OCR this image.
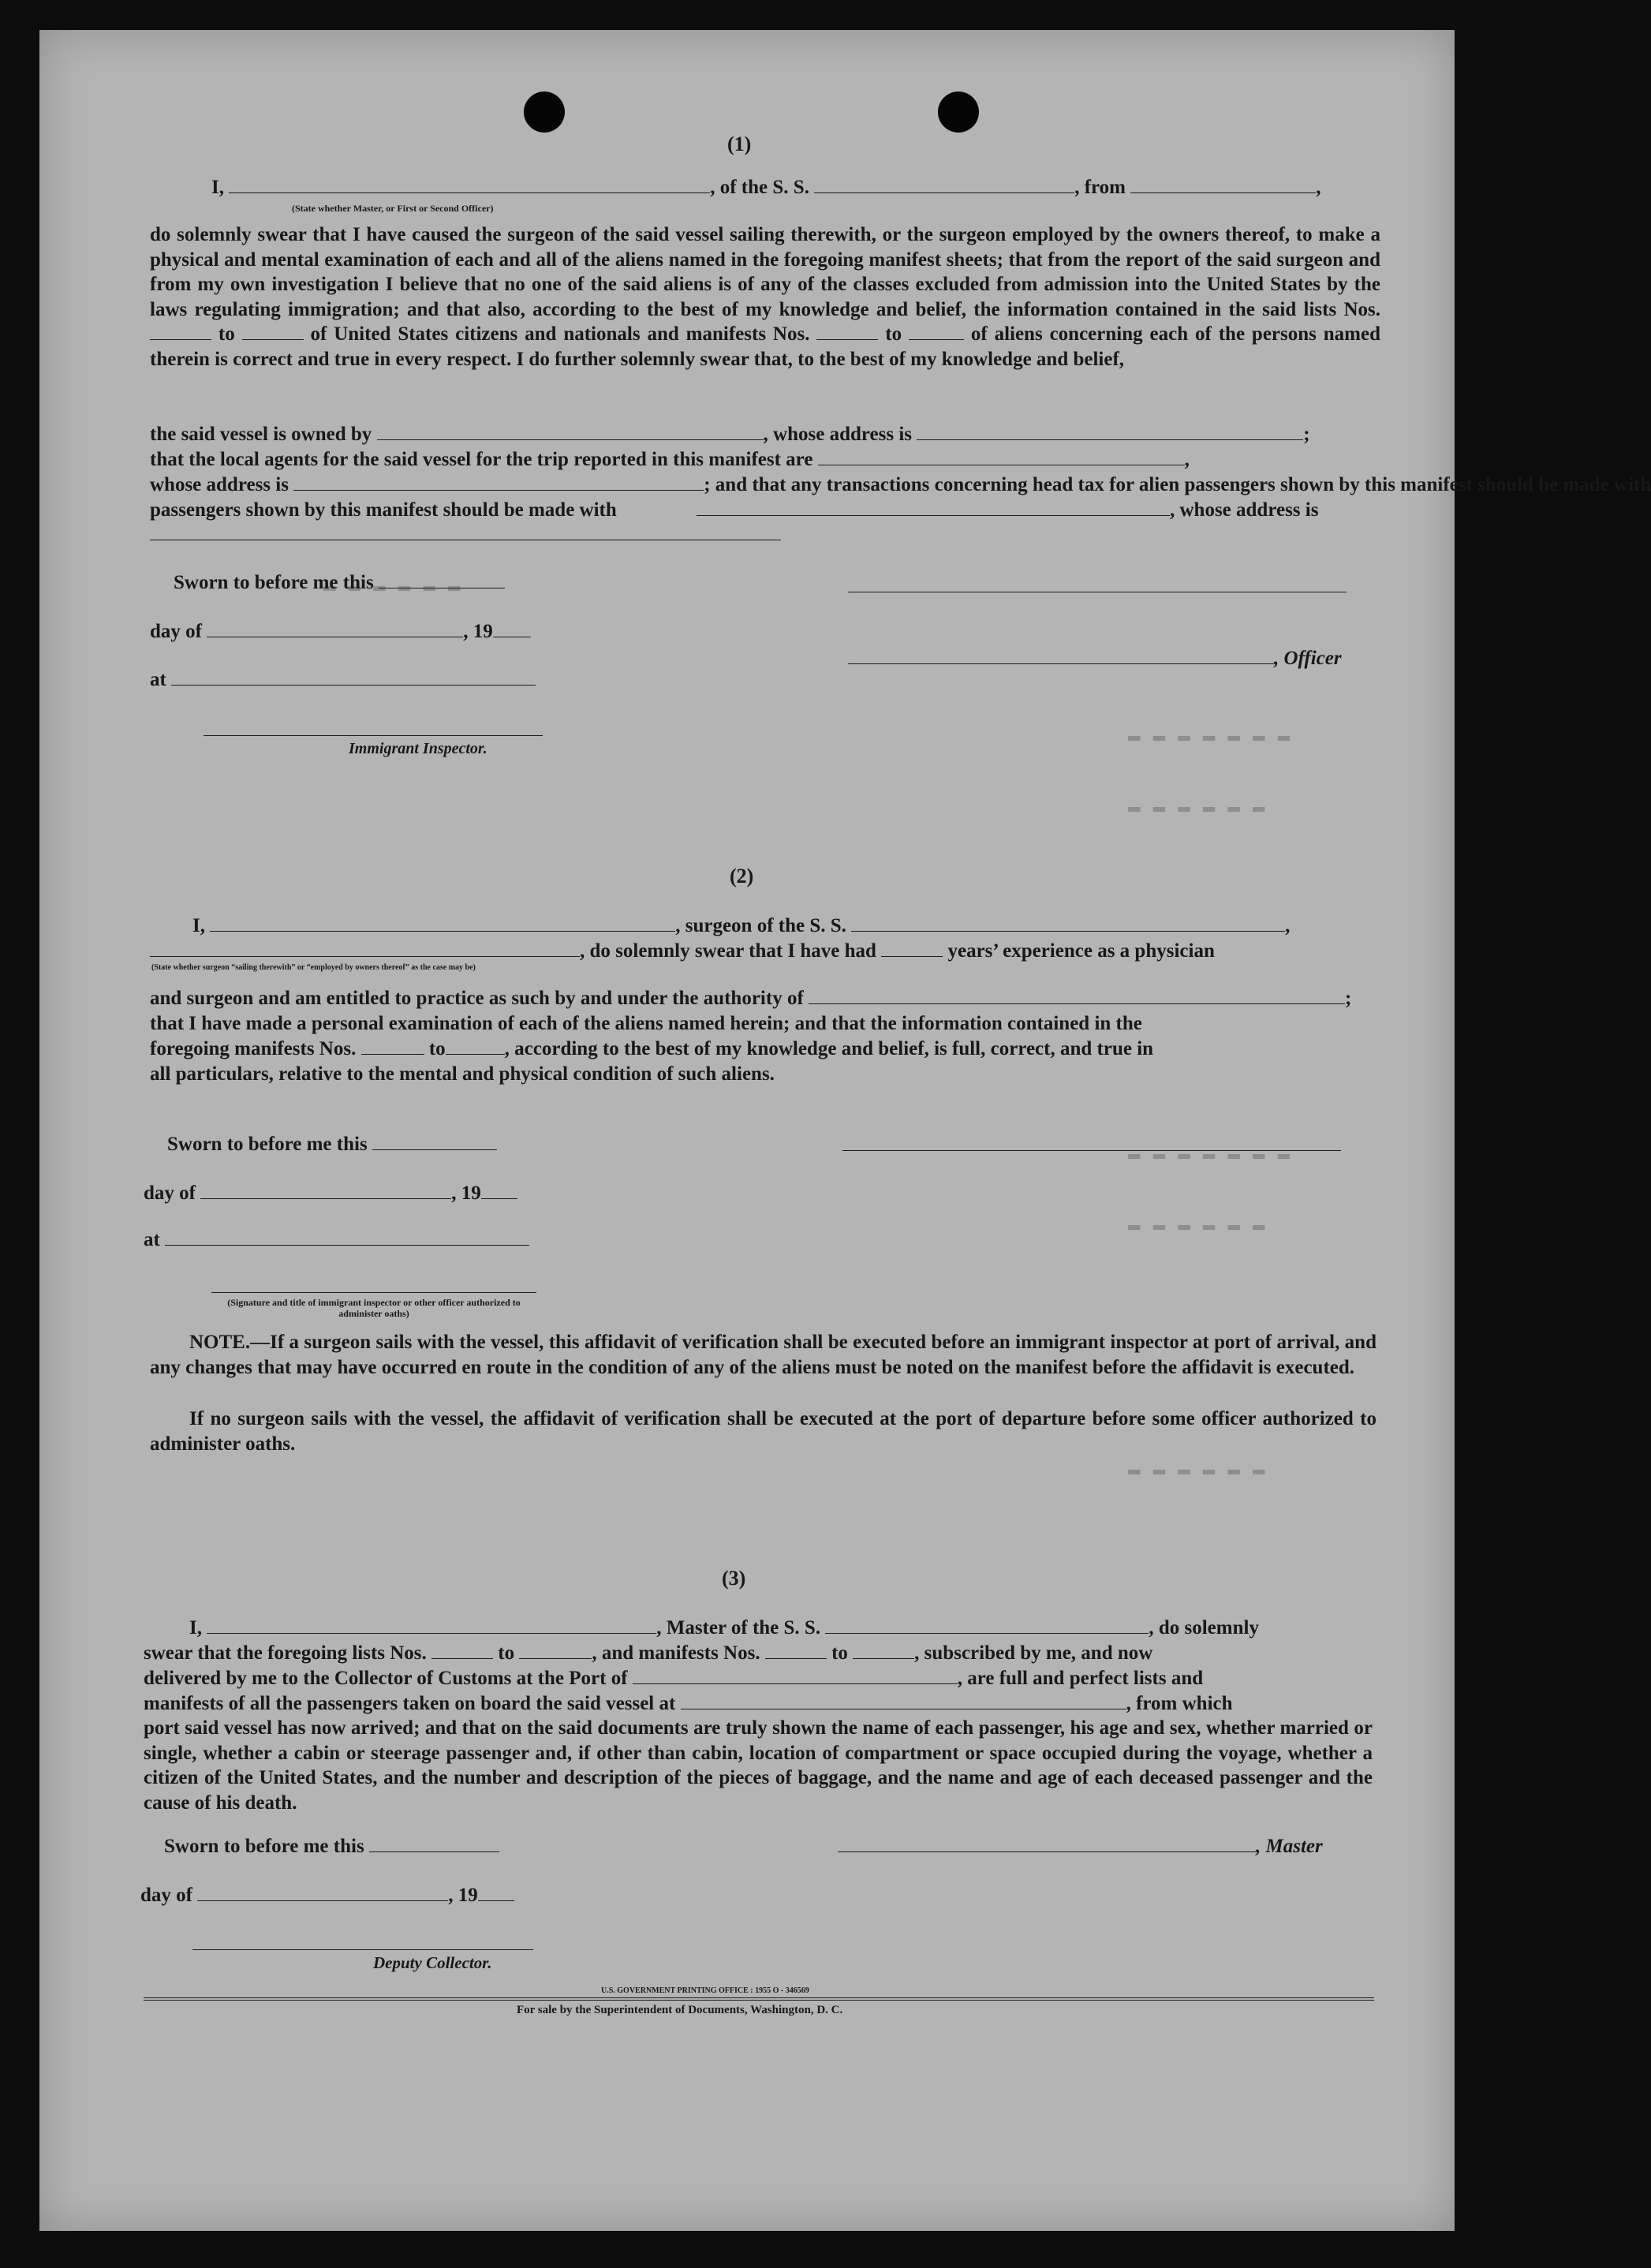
▬▬▬▬▬▬
▬▬▬▬▬▬▬
▬▬▬▬▬▬
▬▬▬▬▬▬▬
▬▬▬▬▬▬
▬▬▬▬▬▬
(1)
I,	, of the S. S.	, from	,
(State whether Master, or First or Second Officer)

do solemnly swear that I have caused the surgeon of the said vessel sailing therewith, or the surgeon employed by the owners thereof, to make a physical and mental examination of each and all of the aliens named in the foregoing manifest sheets; that from the report of the said surgeon and from my own investigation I believe that no one of the said aliens is of any of the classes excluded from admission into the United States by the laws regulating immigration; and that also, according to the best of my knowledge and belief, the information contained in the said lists Nos.  to	of United States citizens and nationals and manifests Nos.	to	of aliens concerning each of the persons named therein is correct and true in every respect. I do further solemnly swear that, to the best of my knowledge and belief,

the said vessel is owned by	, whose address is	;
that the local agents for the said vessel for the trip reported in this manifest are	,
whose address is	; and that any transactions concerning head tax for alien passengers shown by this manifest should be made with
passengers shown by this manifest should be made with	, whose address is
Sworn to before me this
day of	, 19
at
Immigrant Inspector.
, Officer
(2)
I,	, surgeon of the S. S.	,
, do solemnly swear that I have had	years’ experience as a physician
(State whether surgeon “sailing therewith” or “employed by owners thereof” as the case may be)
and surgeon and am entitled to practice as such by and under the authority of	;
that I have made a personal examination of each of the aliens named herein; and that the information contained in the
foregoing manifests Nos.	to	, according to the best of my knowledge and belief, is full, correct, and true in
all particulars, relative to the mental and physical condition of such aliens.
Sworn to before me this
day of	, 19
at
(Signature and title of immigrant inspector or other officer authorized to administer oaths)

NOTE.—If a surgeon sails with the vessel, this affidavit of verification shall be executed before an immigrant inspector at port of arrival, and any changes that may have occurred en route in the condition of any of the aliens must be noted on the manifest before the affidavit is executed.

If no surgeon sails with the vessel, the affidavit of verification shall be executed at the port of departure before some officer authorized to administer oaths.

(3)
I,	, Master of the S. S.	, do solemnly
swear that the foregoing lists Nos.	to	, and manifests Nos.	to	, subscribed by me, and now
delivered by me to the Collector of Customs at the Port of	, are full and perfect lists and
manifests of all the passengers taken on board the said vessel at	, from which

port said vessel has now arrived; and that on the said documents are truly shown the name of each passenger, his age and sex, whether married or single, whether a cabin or steerage passenger and, if other than cabin, location of compartment or space occupied during the voyage, whether a citizen of the United States, and the number and description of the pieces of baggage, and the name and age of each deceased passenger and the cause of his death.

Sworn to before me this	, Master
day of	, 19
Deputy Collector.
U.S. GOVERNMENT PRINTING OFFICE : 1955 O - 346569
For sale by the Superintendent of Documents, Washington, D. C.
